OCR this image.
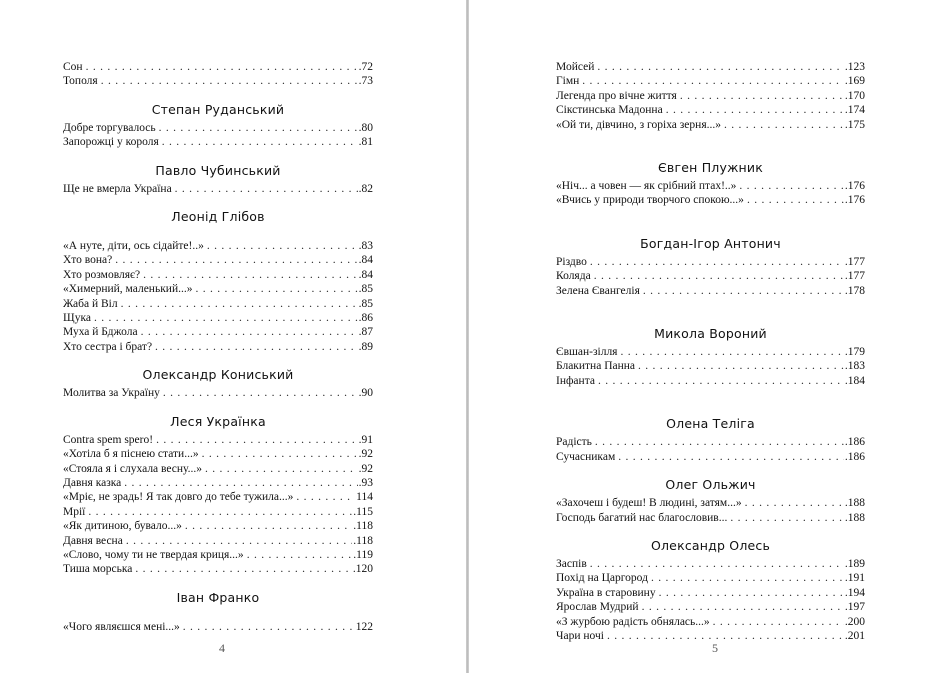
Сон . . .	.72
Тополя . . .	.73
Степан Руданський
Добре торгувалось . . .	.80
Запорожці у короля . . .	.81
Павло Чубинський
Ще не вмерла Україна . . .	.82
Леонід Глібов
«А нуте, діти, ось сідайте!..» . . .	.83
Хто вона? . . .	.84
Хто розмовляє? . . .	.84
«Химерний, маленький...» . . .	.85
Жаба й Віл . . .	.85
Щука . . .	.86
Муха й Бджола . . .	.87
Хто сестра і брат? . . .	.89
Олександр Кониський
Молитва за Україну . . .	.90
Леся Українка
Contra spem spero! . . .	.91
«Хотіла б я піснею стати...» . . .	.92
«Стояла я і слухала весну...» . . .	.92
Давня казка . . .	.93
«Мріє, не зрадь! Я так довго до тебе тужила...» . . .	114
Мрії . . .	.115
«Як дитиною, бувало...» . . .	.118
Давня весна . . .	.118
«Слово, чому ти не твердая криця...» . . .	.119
Тиша морська . . .	.120
Іван Франко
«Чого являєшся мені...» . . .	122
Мойсей . . .	.123
Гімн . . .	.169
Легенда про вічне життя . . .	.170
Сікстинська Мадонна . . .	.174
«Ой ти, дівчино, з горіха зерня...» . . .	.175
Євген Плужник
«Ніч... а човен — як срібний птах!..» . . .	.176
«Вчись у природи творчого спокою...» . . .	.176
Богдан-Ігор Антонич
Різдво . . .	.177
Коляда . . .	.177
Зелена Євангелія . . .	.178
Микола Вороний
Євшан-зілля . . .	.179
Блакитна Панна . . .	.183
Інфанта . . .	.184
Олена Теліга
Радість . . .	.186
Сучасникам . . .	.186
Олег Ольжич
«Захочеш і будеш! В людині, затям...» . . .	.188
Господь багатий нас благословив... . . .	.188
Олександр Олесь
Заспів . . .	.189
Похід на Царгород . . .	.191
Україна в старовину . . .	.194
Ярослав Мудрий . . .	.197
«З журбою радість обнялась...» . . .	.200
Чари ночі . . .	.201
4	5
